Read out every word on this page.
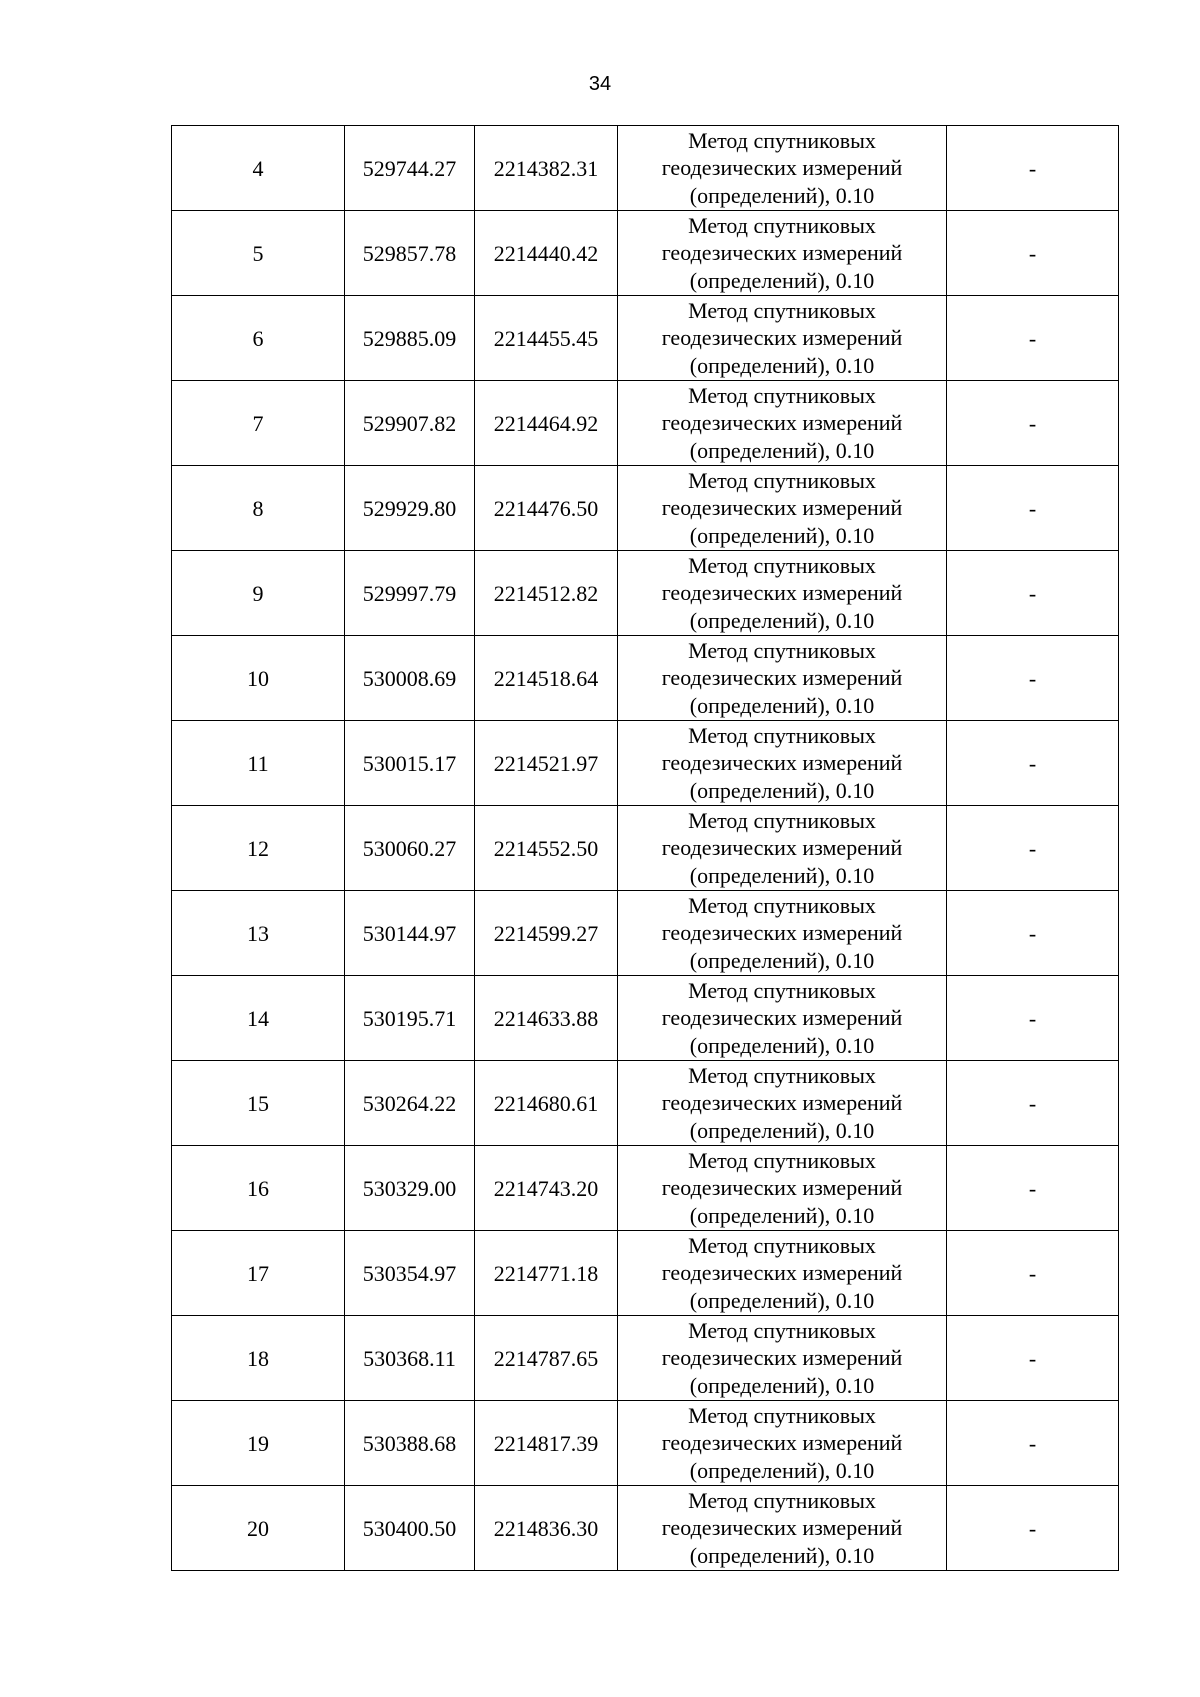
34
4	529744.27	2214382.31	Метод спутниковых
геодезических измерений
(определений), 0.10	-
5	529857.78	2214440.42	Метод спутниковых
геодезических измерений
(определений), 0.10	-
6	529885.09	2214455.45	Метод спутниковых
геодезических измерений
(определений), 0.10	-
7	529907.82	2214464.92	Метод спутниковых
геодезических измерений
(определений), 0.10	-
8	529929.80	2214476.50	Метод спутниковых
геодезических измерений
(определений), 0.10	-
9	529997.79	2214512.82	Метод спутниковых
геодезических измерений
(определений), 0.10	-
10	530008.69	2214518.64	Метод спутниковых
геодезических измерений
(определений), 0.10	-
11	530015.17	2214521.97	Метод спутниковых
геодезических измерений
(определений), 0.10	-
12	530060.27	2214552.50	Метод спутниковых
геодезических измерений
(определений), 0.10	-
13	530144.97	2214599.27	Метод спутниковых
геодезических измерений
(определений), 0.10	-
14	530195.71	2214633.88	Метод спутниковых
геодезических измерений
(определений), 0.10	-
15	530264.22	2214680.61	Метод спутниковых
геодезических измерений
(определений), 0.10	-
16	530329.00	2214743.20	Метод спутниковых
геодезических измерений
(определений), 0.10	-
17	530354.97	2214771.18	Метод спутниковых
геодезических измерений
(определений), 0.10	-
18	530368.11	2214787.65	Метод спутниковых
геодезических измерений
(определений), 0.10	-
19	530388.68	2214817.39	Метод спутниковых
геодезических измерений
(определений), 0.10	-
20	530400.50	2214836.30	Метод спутниковых
геодезических измерений
(определений), 0.10	-
